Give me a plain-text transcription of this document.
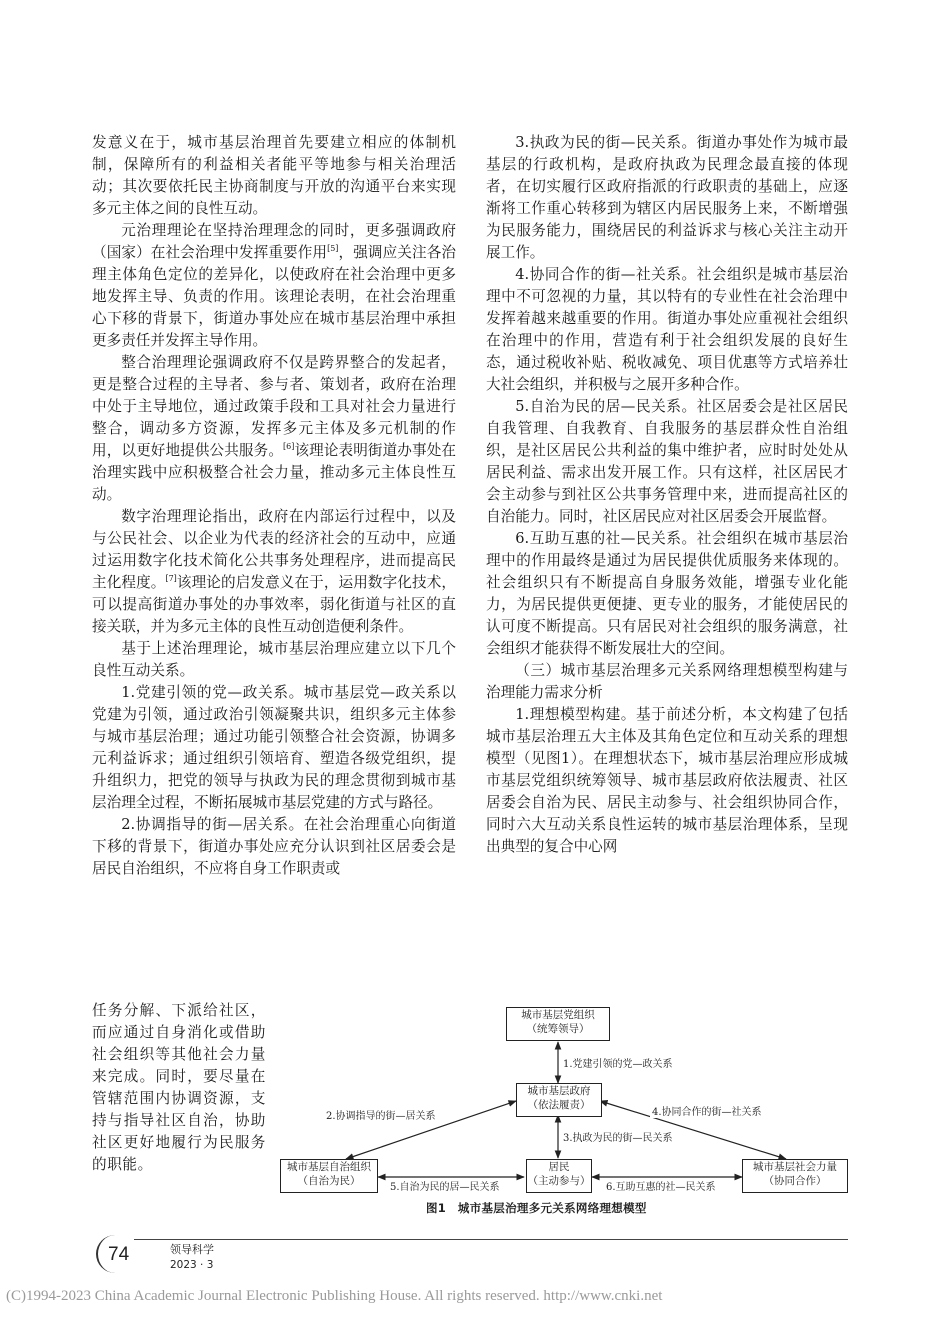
发意义在于，城市基层治理首先要建立相应的体制机制，保障所有的利益相关者能平等地参与相关治理活动；其次要依托民主协商制度与开放的沟通平台来实现多元主体之间的良性互动。

元治理理论在坚持治理理念的同时，更多强调政府（国家）在社会治理中发挥重要作用[5]，强调应关注各治理主体角色定位的差异化，以使政府在社会治理中更多地发挥主导、负责的作用。该理论表明，在社会治理重心下移的背景下，街道办事处应在城市基层治理中承担更多责任并发挥主导作用。

整合治理理论强调政府不仅是跨界整合的发起者，更是整合过程的主导者、参与者、策划者，政府在治理中处于主导地位，通过政策手段和工具对社会力量进行整合，调动多方资源，发挥多元主体及多元机制的作用，以更好地提供公共服务。[6]该理论表明街道办事处在治理实践中应积极整合社会力量，推动多元主体良性互动。

数字治理理论指出，政府在内部运行过程中，以及与公民社会、以企业为代表的经济社会的互动中，应通过运用数字化技术简化公共事务处理程序，进而提高民主化程度。[7]该理论的启发意义在于，运用数字化技术，可以提高街道办事处的办事效率，弱化街道与社区的直接关联，并为多元主体的良性互动创造便利条件。

基于上述治理理论，城市基层治理应建立以下几个良性互动关系。

1.党建引领的党—政关系。城市基层党—政关系以党建为引领，通过政治引领凝聚共识，组织多元主体参与城市基层治理；通过功能引领整合社会资源，协调多元利益诉求；通过组织引领培育、塑造各级党组织，提升组织力，把党的领导与执政为民的理念贯彻到城市基层治理全过程，不断拓展城市基层党建的方式与路径。

2.协调指导的街—居关系。在社会治理重心向街道下移的背景下，街道办事处应充分认识到社区居委会是居民自治组织，不应将自身工作职责或

任务分解、下派给社区，而应通过自身消化或借助社会组织等其他社会力量来完成。同时，要尽量在管辖范围内协调资源，支持与指导社区自治，协助社区更好地履行为民服务的职能。

3.执政为民的街—民关系。街道办事处作为城市最基层的行政机构，是政府执政为民理念最直接的体现者，在切实履行区政府指派的行政职责的基础上，应逐渐将工作重心转移到为辖区内居民服务上来，不断增强为民服务能力，围绕居民的利益诉求与核心关注主动开展工作。

4.协同合作的街—社关系。社会组织是城市基层治理中不可忽视的力量，其以特有的专业性在社会治理中发挥着越来越重要的作用。街道办事处应重视社会组织在治理中的作用，营造有利于社会组织发展的良好生态，通过税收补贴、税收减免、项目优惠等方式培养壮大社会组织，并积极与之展开多种合作。

5.自治为民的居—民关系。社区居委会是社区居民自我管理、自我教育、自我服务的基层群众性自治组织，是社区居民公共利益的集中维护者，应时时处处从居民利益、需求出发开展工作。只有这样，社区居民才会主动参与到社区公共事务管理中来，进而提高社区的自治能力。同时，社区居民应对社区居委会开展监督。

6.互助互惠的社—民关系。社会组织在城市基层治理中的作用最终是通过为居民提供优质服务来体现的。社会组织只有不断提高自身服务效能，增强专业化能力，为居民提供更便捷、更专业的服务，才能使居民的认可度不断提高。只有居民对社会组织的服务满意，社会组织才能获得不断发展壮大的空间。

（三）城市基层治理多元关系网络理想模型构建与治理能力需求分析

1.理想模型构建。基于前述分析，本文构建了包括城市基层治理五大主体及其角色定位和互动关系的理想模型（见图1）。在理想状态下，城市基层治理应形成城市基层党组织统筹领导、城市基层政府依法履责、社区居委会自治为民、居民主动参与、社会组织协同合作，同时六大互动关系良性运转的城市基层治理体系，呈现出典型的复合中心网

城市基层党组织
（统筹领导）
城市基层政府
（依法履责）
城市基层自治组织
（自治为民）
居民
（主动参与）
城市基层社会力量
（协同合作）
1.党建引领的党—政关系
2.协调指导的街—居关系
3.执政为民的街—民关系
4.协同合作的街—社关系
5.自治为民的居—民关系	6.互助互惠的社—民关系
图1　城市基层治理多元关系网络理想模型
74	领导科学
2023 · 3
(C)1994-2023 China Academic Journal Electronic Publishing House. All rights reserved. http://www.cnki.net
